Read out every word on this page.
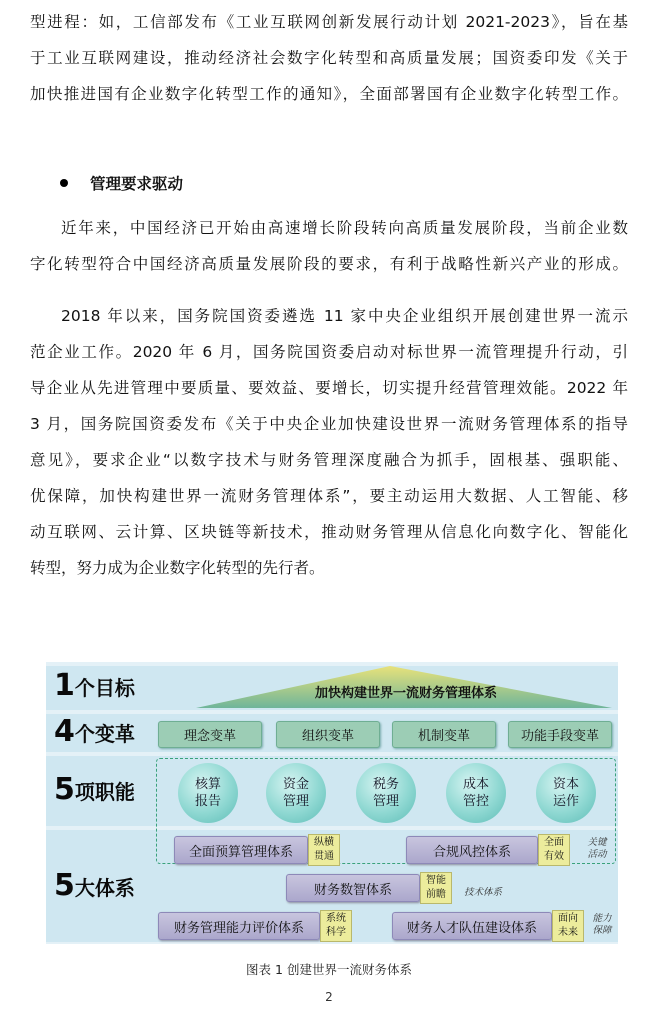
型进程：如，工信部发布《工业互联网创新发展行动计划 2021-2023》，旨在基
于工业互联网建设，推动经济社会数字化转型和高质量发展；国资委印发《关于
加快推进国有企业数字化转型工作的通知》，全面部署国有企业数字化转型工作。
管理要求驱动
近年来，中国经济已开始由高速增长阶段转向高质量发展阶段，当前企业数
字化转型符合中国经济高质量发展阶段的要求，有利于战略性新兴产业的形成。
2018 年以来，国务院国资委遴选 11 家中央企业组织开展创建世界一流示
范企业工作。2020 年 6 月，国务院国资委启动对标世界一流管理提升行动，引
导企业从先进管理中要质量、要效益、要增长，切实提升经营管理效能。2022 年
3 月，国务院国资委发布《关于中央企业加快建设世界一流财务管理体系的指导
意见》，要求企业“以数字技术与财务管理深度融合为抓手，固根基、强职能、
优保障，加快构建世界一流财务管理体系”，要主动运用大数据、人工智能、移
动互联网、云计算、区块链等新技术，推动财务管理从信息化向数字化、智能化
转型，努力成为企业数字化转型的先行者。
1个目标	加快构建世界一流财务管理体系
4个变革	理念变革	组织变革	机制变革	功能手段变革
5项职能
5大体系
核算
报告
资金
管理
税务
管理
成本
管控
资本
运作
全面预算管理体系
纵横
贯通	合规风控体系
全面
有效
关键
活动
财务数智体系
智能
前瞻	技术体系
财务管理能力评价体系
系统
科学	财务人才队伍建设体系
面向
未来
能力
保障
图表 1 创建世界一流财务体系
2
